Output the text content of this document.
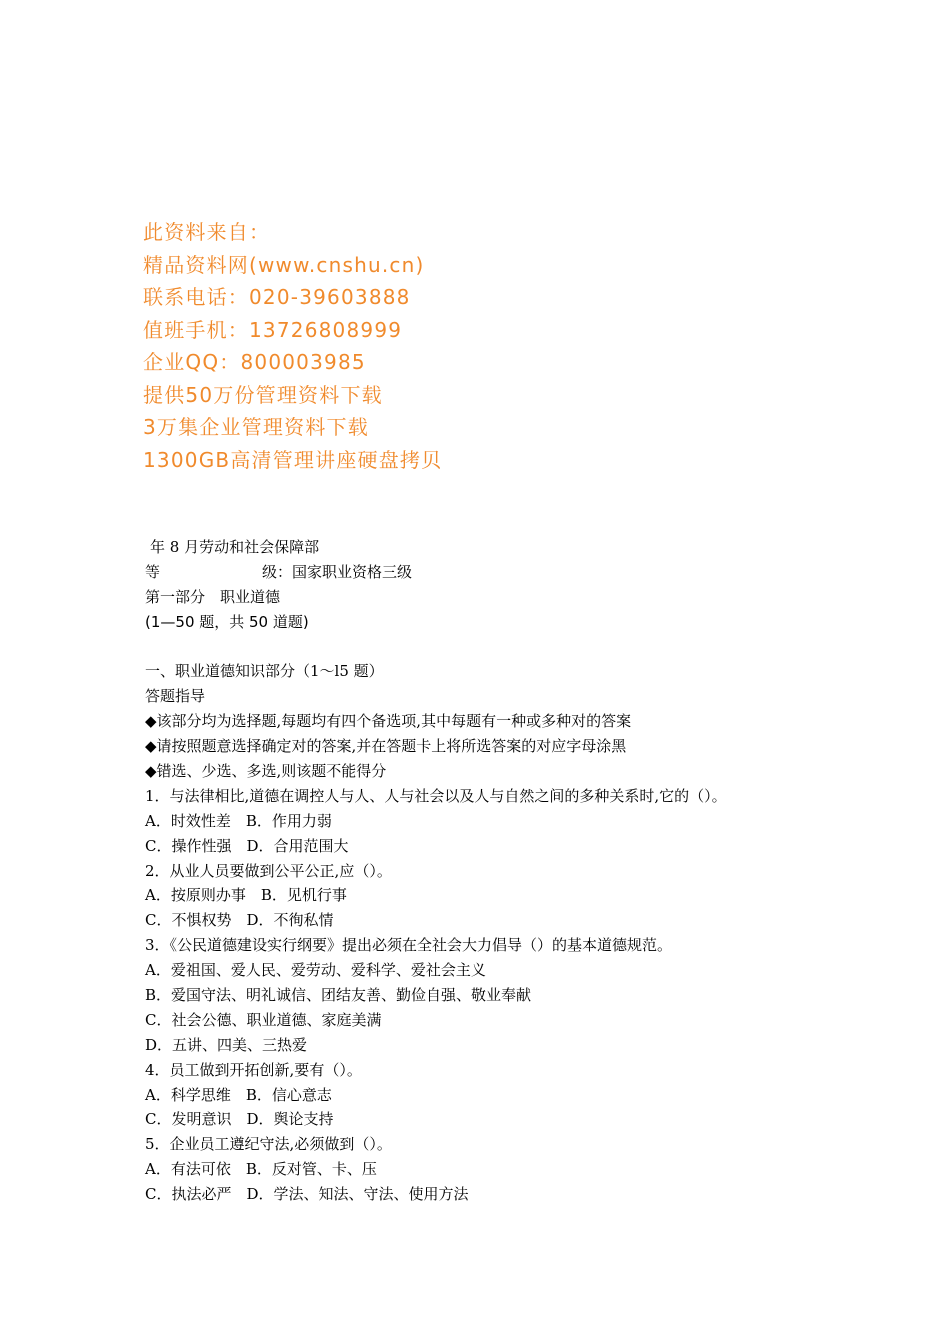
此资料来自：
精品资料网(www.cnshu.cn)
联系电话：020-39603888
值班手机：13726808999
企业QQ：800003985
提供50万份管理资料下载
3万集企业管理资料下载
1300GB高清管理讲座硬盘拷贝
年 8 月劳动和社会保障部
等	级：国家职业资格三级
第一部分　职业道德
(1—50 题，共 50 道题)
一、职业道德知识部分（1～l5 题）
答题指导
◆该部分均为选择题,每题均有四个备选项,其中每题有一种或多种对的答案
◆请按照题意选择确定对的答案,并在答题卡上将所选答案的对应字母涂黑
◆错选、少选、多选,则该题不能得分
1．与法律相比,道德在调控人与人、人与社会以及人与自然之间的多种关系时,它的（）。
A．时效性差　B．作用力弱
C．操作性强　D．合用范围大
2．从业人员要做到公平公正,应（）。
A．按原则办事　B．见机行事
C．不惧权势　D．不徇私情
3．《公民道德建设实行纲要》提出必须在全社会大力倡导（）的基本道德规范。
A．爱祖国、爱人民、爱劳动、爱科学、爱社会主义
B．爱国守法、明礼诚信、团结友善、勤俭自强、敬业奉献
C．社会公德、职业道德、家庭美满
D．五讲、四美、三热爱
4．员工做到开拓创新,要有（）。
A．科学思维　B．信心意志
C．发明意识　D．舆论支持
5．企业员工遵纪守法,必须做到（）。
A．有法可依　B．反对管、卡、压
C．执法必严　D．学法、知法、守法、使用方法
